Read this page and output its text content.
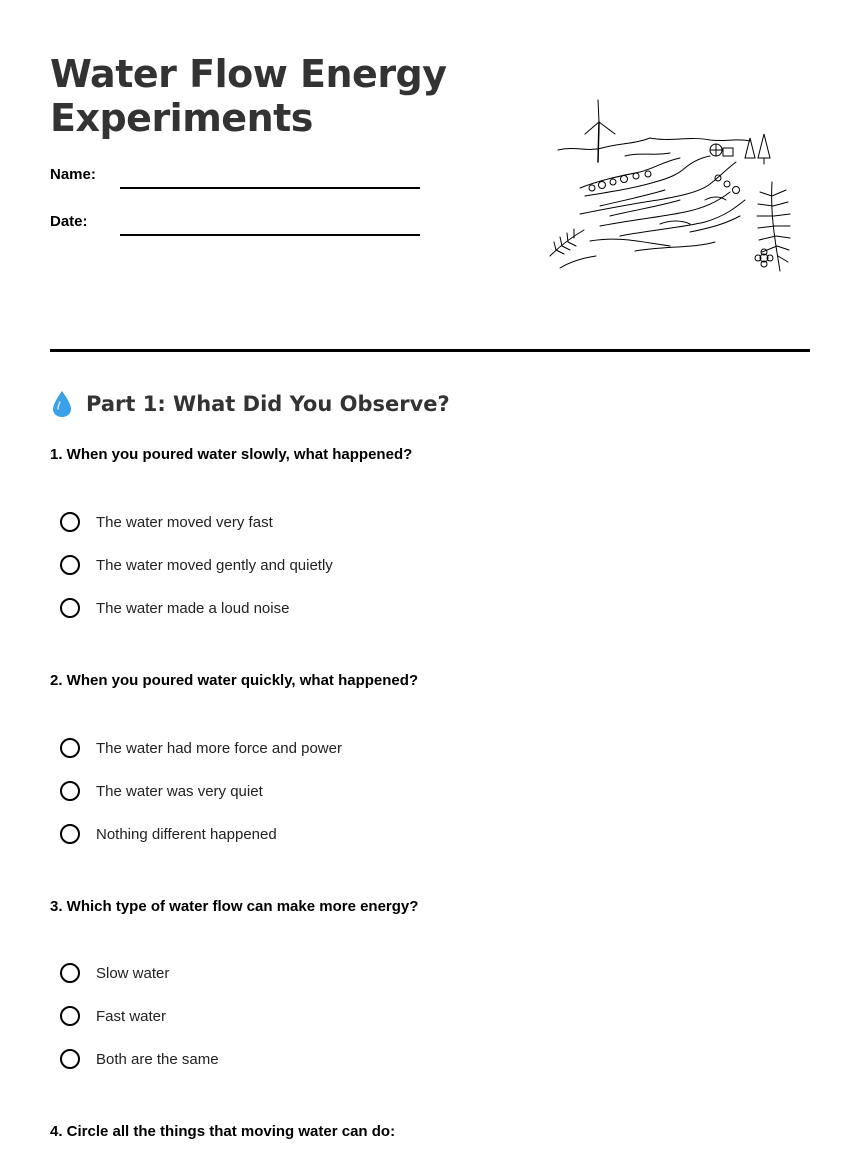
Water Flow Energy Experiments
Name:
Date:
Part 1: What Did You Observe?
1. When you poured water slowly, what happened?
The water moved very fast
The water moved gently and quietly
The water made a loud noise
2. When you poured water quickly, what happened?
The water had more force and power
The water was very quiet
Nothing different happened
3. Which type of water flow can make more energy?
Slow water
Fast water
Both are the same
4. Circle all the things that moving water can do:
